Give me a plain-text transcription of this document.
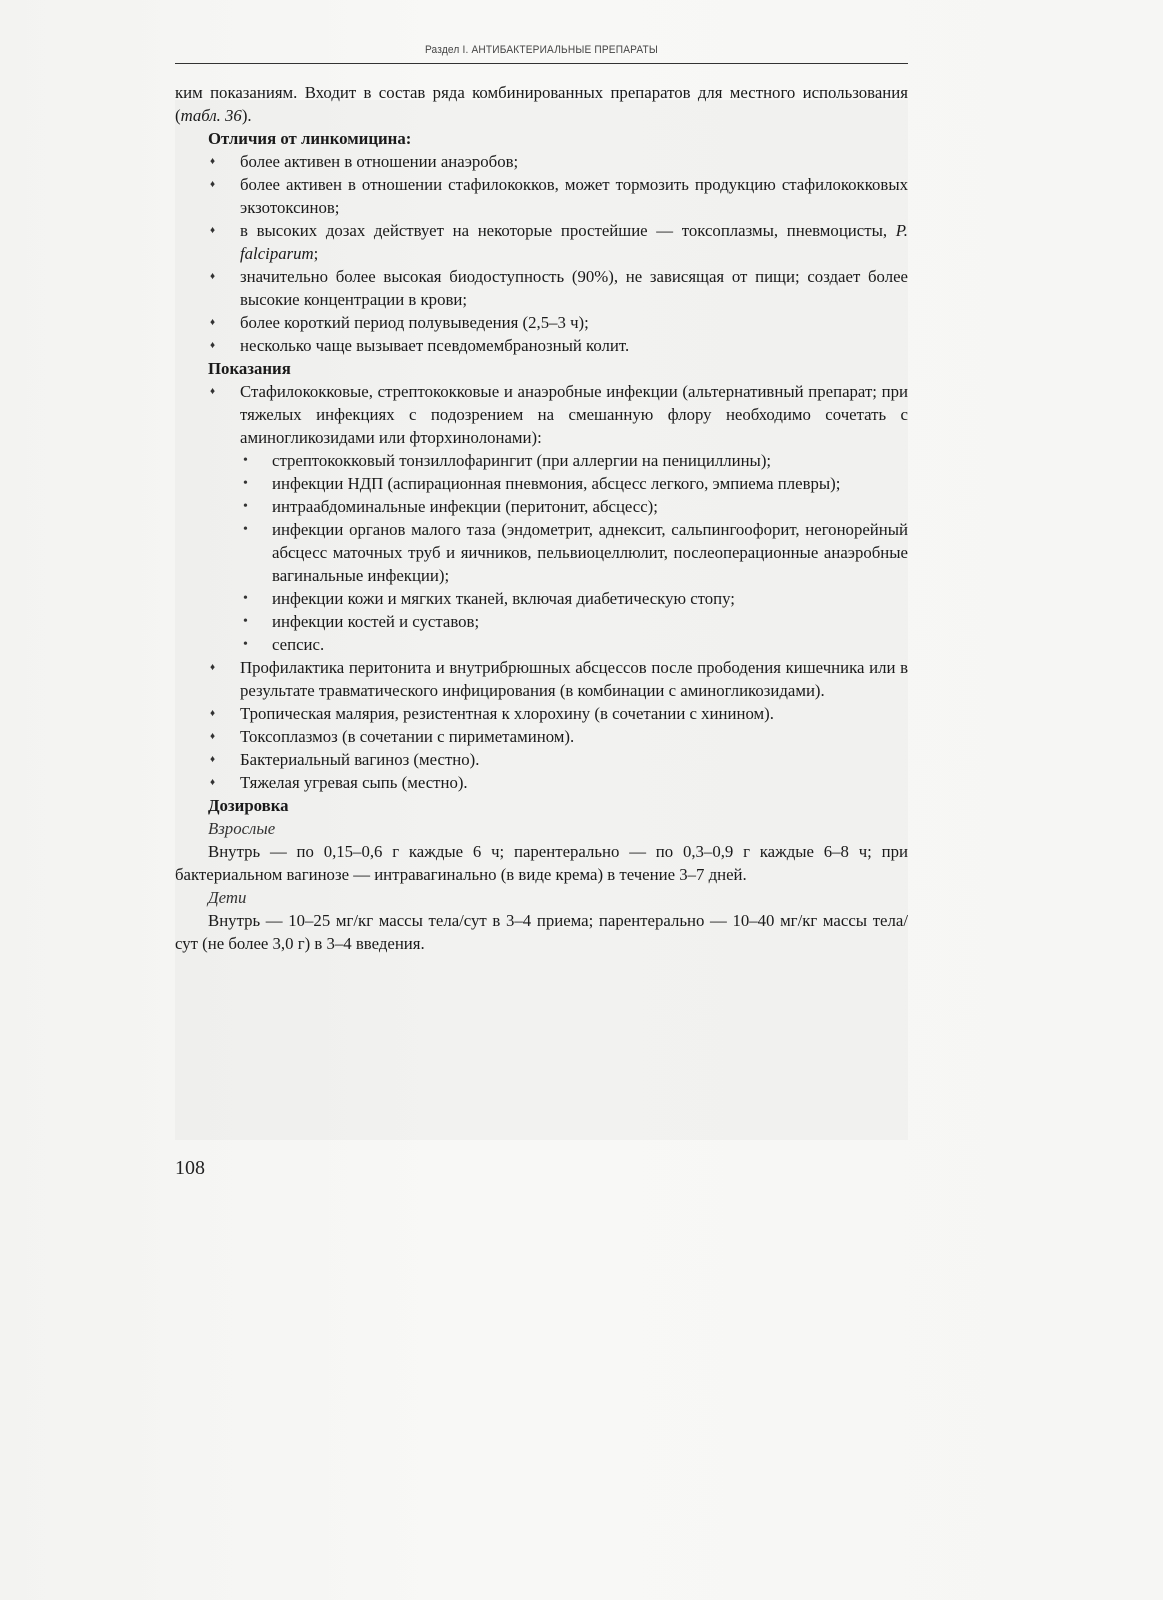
Раздел I. АНТИБАКТЕРИАЛЬНЫЕ ПРЕПАРАТЫ

ким показаниям. Входит в состав ряда комбинированных препаратов для местного использования (табл. 36).

Отличия от линкомицина:

♦ более активен в отношении анаэробов;
♦ более активен в отношении стафилококков, может тормозить продукцию стафилококковых экзотоксинов;
♦ в высоких дозах действует на некоторые простейшие — токсоплазмы, пневмоцисты, P. falciparum;
♦ значительно более высокая биодоступность (90%), не зависящая от пищи; создает более высокие концентрации в крови;
♦ более короткий период полувыведения (2,5–3 ч);
♦ несколько чаще вызывает псевдомембранозный колит.

Показания

♦ Стафилококковые, стрептококковые и анаэробные инфекции (альтернативный препарат; при тяжелых инфекциях с подозрением на смешанную флору необходимо сочетать с аминогликозидами или фторхинолонами):
• стрептококковый тонзиллофарингит (при аллергии на пенициллины);
• инфекции НДП (аспирационная пневмония, абсцесс легкого, эмпиема плевры);
• интраабдоминальные инфекции (перитонит, абсцесс);
• инфекции органов малого таза (эндометрит, аднексит, сальпингоофорит, негонорейный абсцесс маточных труб и яичников, пельвиоцеллюлит, послеоперационные анаэробные вагинальные инфекции);
• инфекции кожи и мягких тканей, включая диабетическую стопу;
• инфекции костей и суставов;
• сепсис.
♦ Профилактика перитонита и внутрибрюшных абсцессов после прободения кишечника или в результате травматического инфицирования (в комбинации с аминогликозидами).
♦ Тропическая малярия, резистентная к хлорохину (в сочетании с хинином).
♦ Токсоплазмоз (в сочетании с пириметамином).
♦ Бактериальный вагиноз (местно).
♦ Тяжелая угревая сыпь (местно).

Дозировка

Взрослые

Внутрь — по 0,15–0,6 г каждые 6 ч; парентерально — по 0,3–0,9 г каждые 6–8 ч; при бактериальном вагинозе — интравагинально (в виде крема) в течение 3–7 дней.

Дети

Внутрь — 10–25 мг/кг массы тела/сут в 3–4 приема; парентерально — 10–40 мг/кг массы тела/сут (не более 3,0 г) в 3–4 введения.

108
